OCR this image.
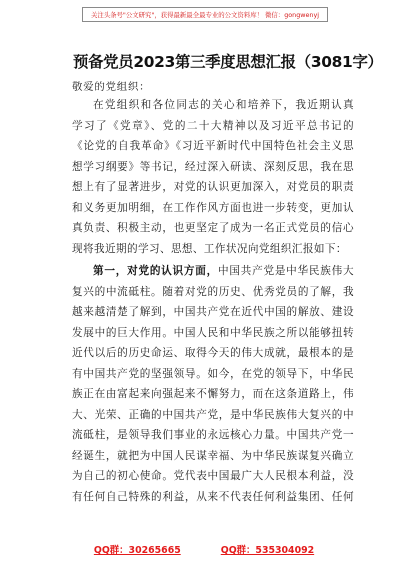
关注头条号"公文研究"，获得最新最全最专业的公文资料库！ 微信：gongwenyj
预备党员2023第三季度思想汇报（3081字）
敬爱的党组织：
在党组织和各位同志的关心和培养下，我近期认真
学习了《党章》、党的二十大精神以及习近平总书记的
《论党的自我革命》《习近平新时代中国特色社会主义思
想学习纲要》等书记，经过深入研读、深刻反思，我在思
想上有了显著进步，对党的认识更加深入，对党员的职责
和义务更加明细，在工作作风方面也进一步转变，更加认
真负责、积极主动，也更坚定了成为一名正式党员的信心
现将我近期的学习、思想、工作状况向党组织汇报如下：
第一，对党的认识方面，中国共产党是中华民族伟大
复兴的中流砥柱。随着对党的历史、优秀党员的了解，我
越来越清楚了解到，中国共产党在近代中国的解放、建设
发展中的巨大作用。中国人民和中华民族之所以能够扭转
近代以后的历史命运、取得今天的伟大成就，最根本的是
有中国共产党的坚强领导。如今，在党的领导下，中华民
族正在由富起来向强起来不懈努力，而在这条道路上，伟
大、光荣、正确的中国共产党，是中华民族伟大复兴的中
流砥柱，是领导我们事业的永远核心力量。中国共产党一
经诞生，就把为中国人民谋幸福、为中华民族谋复兴确立
为自己的初心使命。党代表中国最广大人民根本利益，没
有任何自己特殊的利益，从来不代表任何利益集团、任何
QQ群：30265665	QQ群：535304092
